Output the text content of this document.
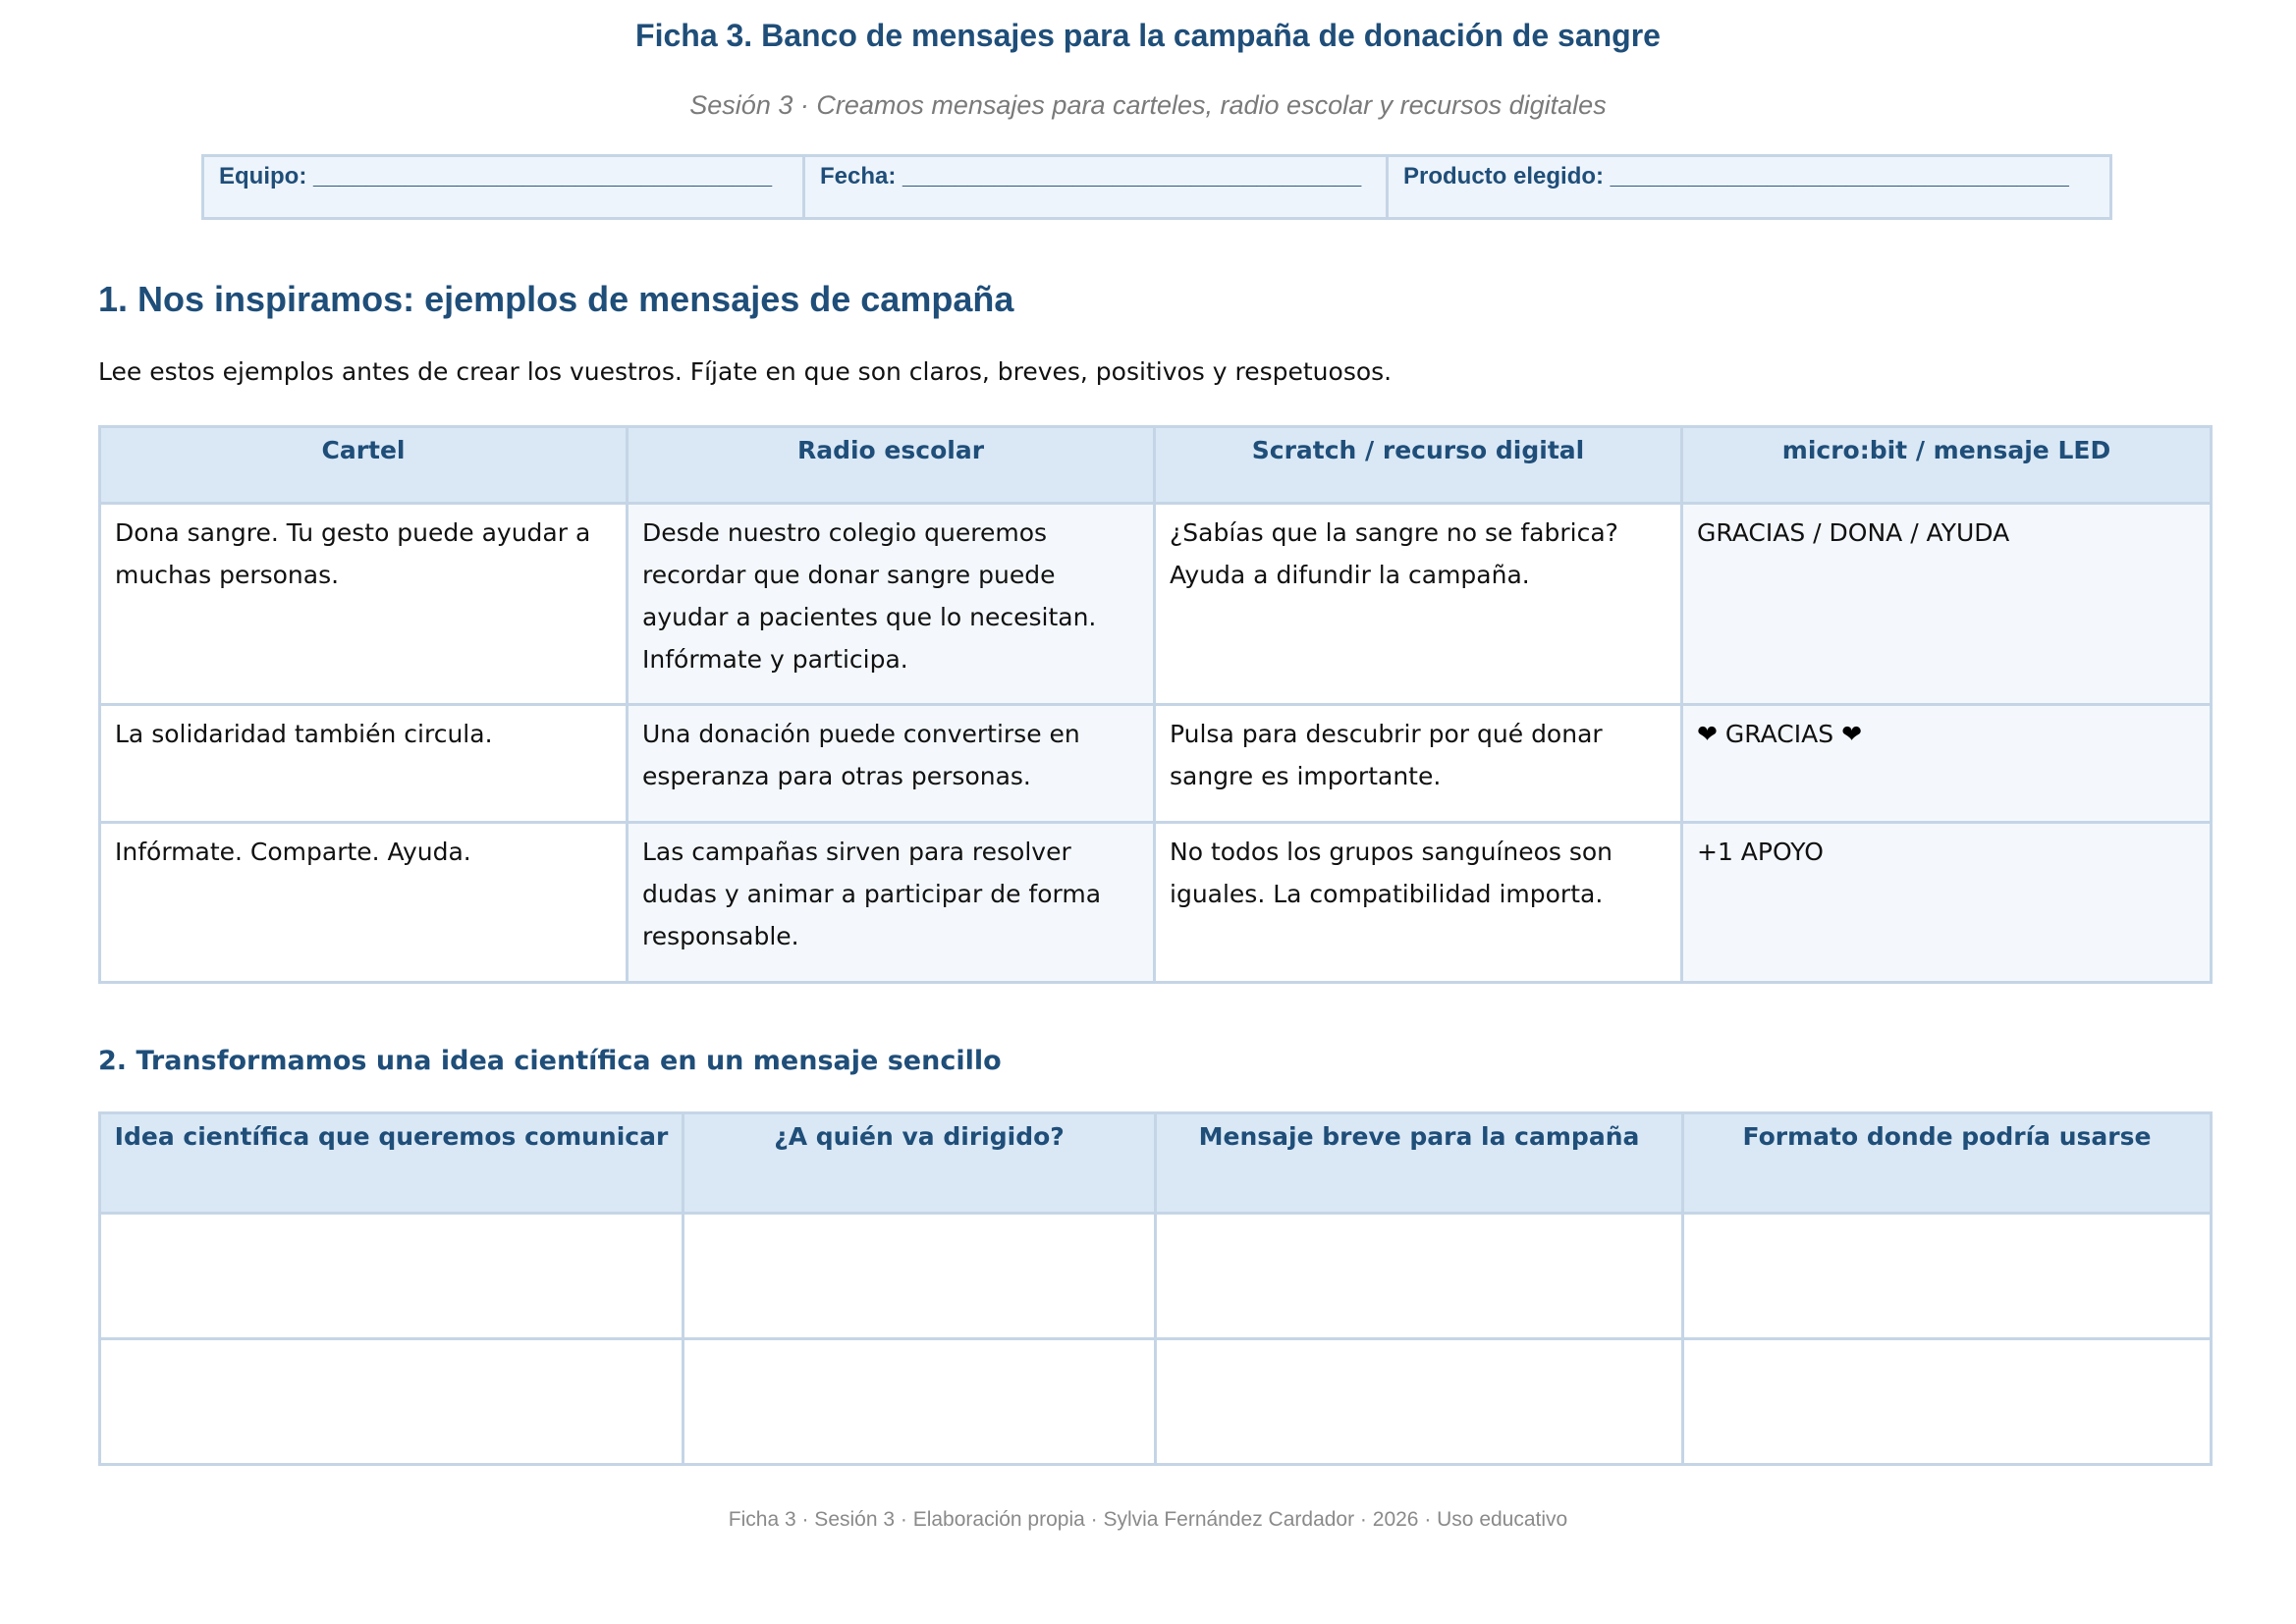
Ficha 3. Banco de mensajes para la campaña de donación de sangre
Sesión 3 · Creamos mensajes para carteles, radio escolar y recursos digitales
Equipo: ___________________________________	Fecha: ___________________________________	Producto elegido: ___________________________________
1. Nos inspiramos: ejemplos de mensajes de campaña
Lee estos ejemplos antes de crear los vuestros. Fíjate en que son claros, breves, positivos y respetuosos.
Cartel	Radio escolar	Scratch / recurso digital	micro:bit / mensaje LED
Dona sangre. Tu gesto puede ayudar a muchas personas.	Desde nuestro colegio queremos recordar que donar sangre puede ayudar a pacientes que lo necesitan. Infórmate y participa.	¿Sabías que la sangre no se fabrica? Ayuda a difundir la campaña.	GRACIAS / DONA / AYUDA
La solidaridad también circula.	Una donación puede convertirse en esperanza para otras personas.	Pulsa para descubrir por qué donar sangre es importante.	❤ GRACIAS ❤
Infórmate. Comparte. Ayuda.	Las campañas sirven para resolver dudas y animar a participar de forma responsable.	No todos los grupos sanguíneos son iguales. La compatibilidad importa.	+1 APOYO
2. Transformamos una idea científica en un mensaje sencillo
Idea científica que queremos comunicar	¿A quién va dirigido?	Mensaje breve para la campaña	Formato donde podría usarse

Ficha 3 · Sesión 3 · Elaboración propia · Sylvia Fernández Cardador · 2026 · Uso educativo
